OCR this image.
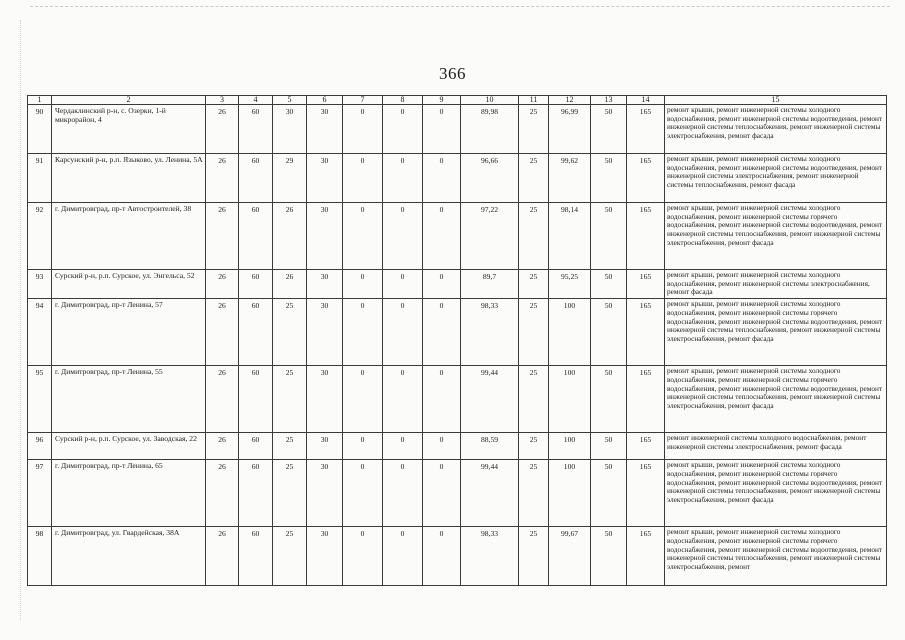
366
1	2	3	4	5	6	7	8	9	10	11	12	13	14	15
90	Чердаклинский р-н, с. Озерки, 1-й микрорайон, 4	26	60	30	30	0	0	0	89,98	25	96,99	50	165	ремонт крыши, ремонт инженерной системы холодного водоснабжения, ремонт инженерной системы водоотведения, ремонт инженерной системы теплоснабжения, ремонт инженерной системы электроснабжения, ремонт фасада
91	Карсунский р-н, р.п. Языково, ул. Ленина, 5А	26	60	29	30	0	0	0	96,66	25	99,62	50	165	ремонт крыши, ремонт инженерной системы холодного водоснабжения, ремонт инженерной системы водоотведения, ремонт инженерной системы электроснабжения, ремонт инженерной системы теплоснабжения, ремонт фасада
92	г. Димитровград, пр-т Автостроителей, 38	26	60	26	30	0	0	0	97,22	25	98,14	50	165	ремонт крыши, ремонт инженерной системы холодного водоснабжения, ремонт инженерной системы горячего водоснабжения, ремонт инженерной системы водоотведения, ремонт инженерной системы теплоснабжения, ремонт инженерной системы электроснабжения, ремонт фасада
93	Сурский р-н, р.п. Сурское, ул. Энгельса, 52	26	60	26	30	0	0	0	89,7	25	95,25	50	165	ремонт крыши, ремонт инженерной системы холодного водоснабжения, ремонт инженерной системы электроснабжения, ремонт фасада
94	г. Димитровград, пр-т Ленина, 57	26	60	25	30	0	0	0	98,33	25	100	50	165	ремонт крыши, ремонт инженерной системы холодного водоснабжения, ремонт инженерной системы горячего водоснабжения, ремонт инженерной системы водоотведения, ремонт инженерной системы теплоснабжения, ремонт инженерной системы электроснабжения, ремонт фасада
95	г. Димитровград, пр-т Ленина, 55	26	60	25	30	0	0	0	99,44	25	100	50	165	ремонт крыши, ремонт инженерной системы холодного водоснабжения, ремонт инженерной системы горячего водоснабжения, ремонт инженерной системы водоотведения, ремонт инженерной системы теплоснабжения, ремонт инженерной системы электроснабжения, ремонт фасада
96	Сурский р-н, р.п. Сурское, ул. Заводская, 22	26	60	25	30	0	0	0	88,59	25	100	50	165	ремонт инженерной системы холодного водоснабжения, ремонт инженерной системы электроснабжения, ремонт фасада
97	г. Димитровград, пр-т Ленина, 65	26	60	25	30	0	0	0	99,44	25	100	50	165	ремонт крыши, ремонт инженерной системы холодного водоснабжения, ремонт инженерной системы горячего водоснабжения, ремонт инженерной системы водоотведения, ремонт инженерной системы теплоснабжения, ремонт инженерной системы электроснабжения, ремонт фасада
98	г. Димитровград, ул. Гвардейская, 38А	26	60	25	30	0	0	0	98,33	25	99,67	50	165	ремонт крыши, ремонт инженерной системы холодного водоснабжения, ремонт инженерной системы горячего водоснабжения, ремонт инженерной системы водоотведения, ремонт инженерной системы теплоснабжения, ремонт инженерной системы электроснабжения, ремонт
